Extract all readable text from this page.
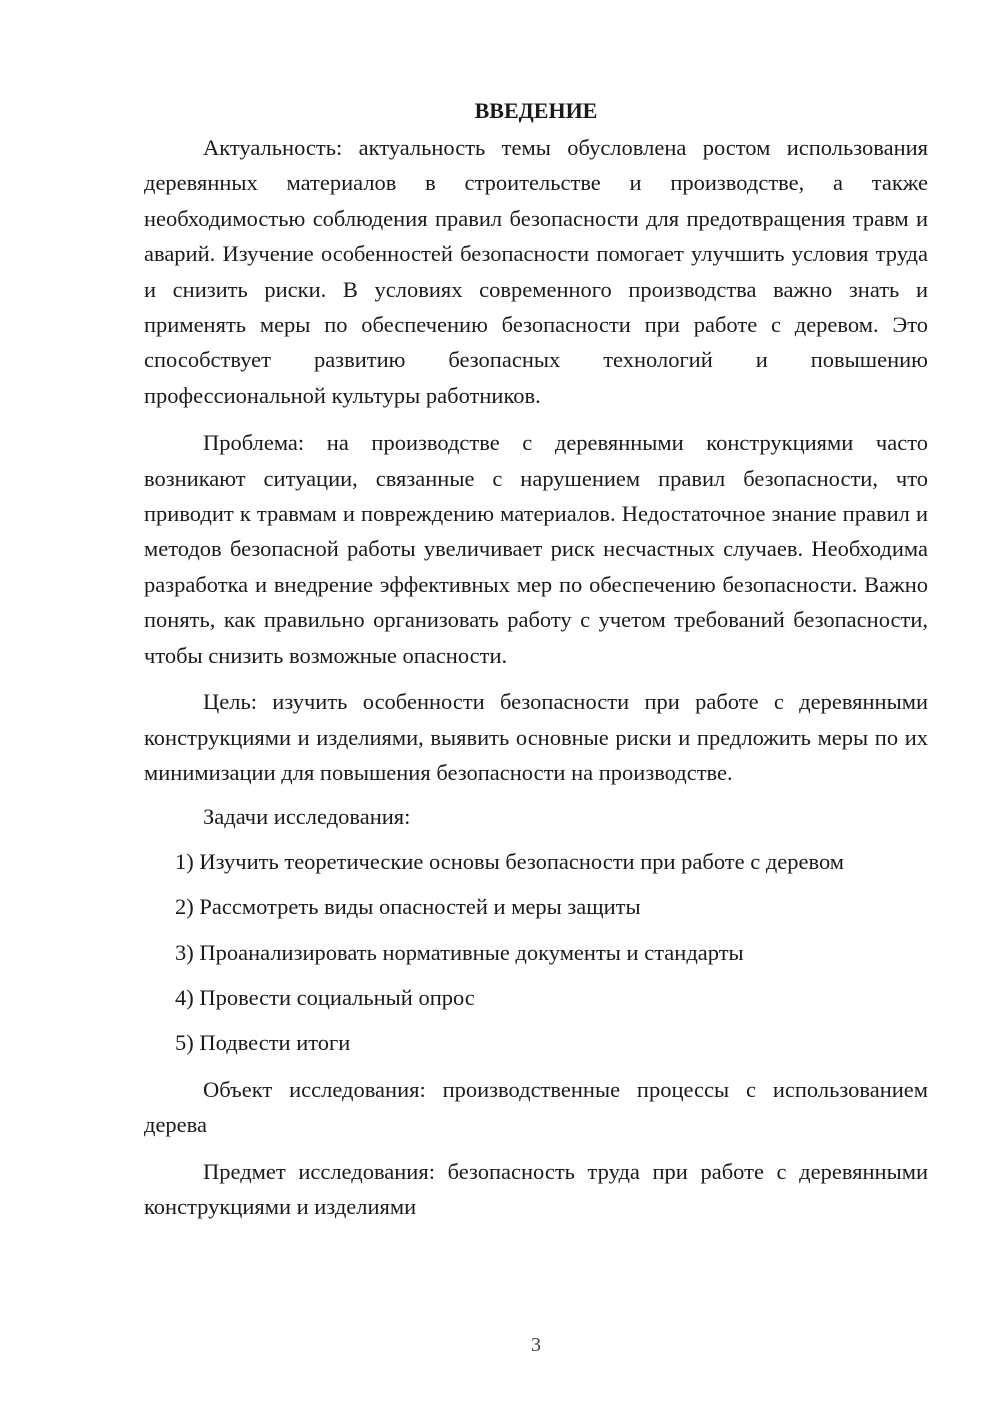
ВВЕДЕНИЕ

Актуальность: актуальность темы обусловлена ростом использования деревянных материалов в строительстве и производстве, а также необходимостью соблюдения правил безопасности для предотвращения травм и аварий. Изучение особенностей безопасности помогает улучшить условия труда и снизить риски. В условиях современного производства важно знать и применять меры по обеспечению безопасности при работе с деревом. Это способствует развитию безопасных технологий и повышению профессиональной культуры работников.

Проблема: на производстве с деревянными конструкциями часто возникают ситуации, связанные с нарушением правил безопасности, что приводит к травмам и повреждению материалов. Недостаточное знание правил и методов безопасной работы увеличивает риск несчастных случаев. Необходима разработка и внедрение эффективных мер по обеспечению безопасности. Важно понять, как правильно организовать работу с учетом требований безопасности, чтобы снизить возможные опасности.

Цель: изучить особенности безопасности при работе с деревянными конструкциями и изделиями, выявить основные риски и предложить меры по их минимизации для повышения безопасности на производстве.

Задачи исследования:

1) Изучить теоретические основы безопасности при работе с деревом
2) Рассмотреть виды опасностей и меры защиты
3) Проанализировать нормативные документы и стандарты
4) Провести социальный опрос
5) Подвести итоги

Объект исследования: производственные процессы с использованием дерева

Предмет исследования: безопасность труда при работе с деревянными конструкциями и изделиями

3
